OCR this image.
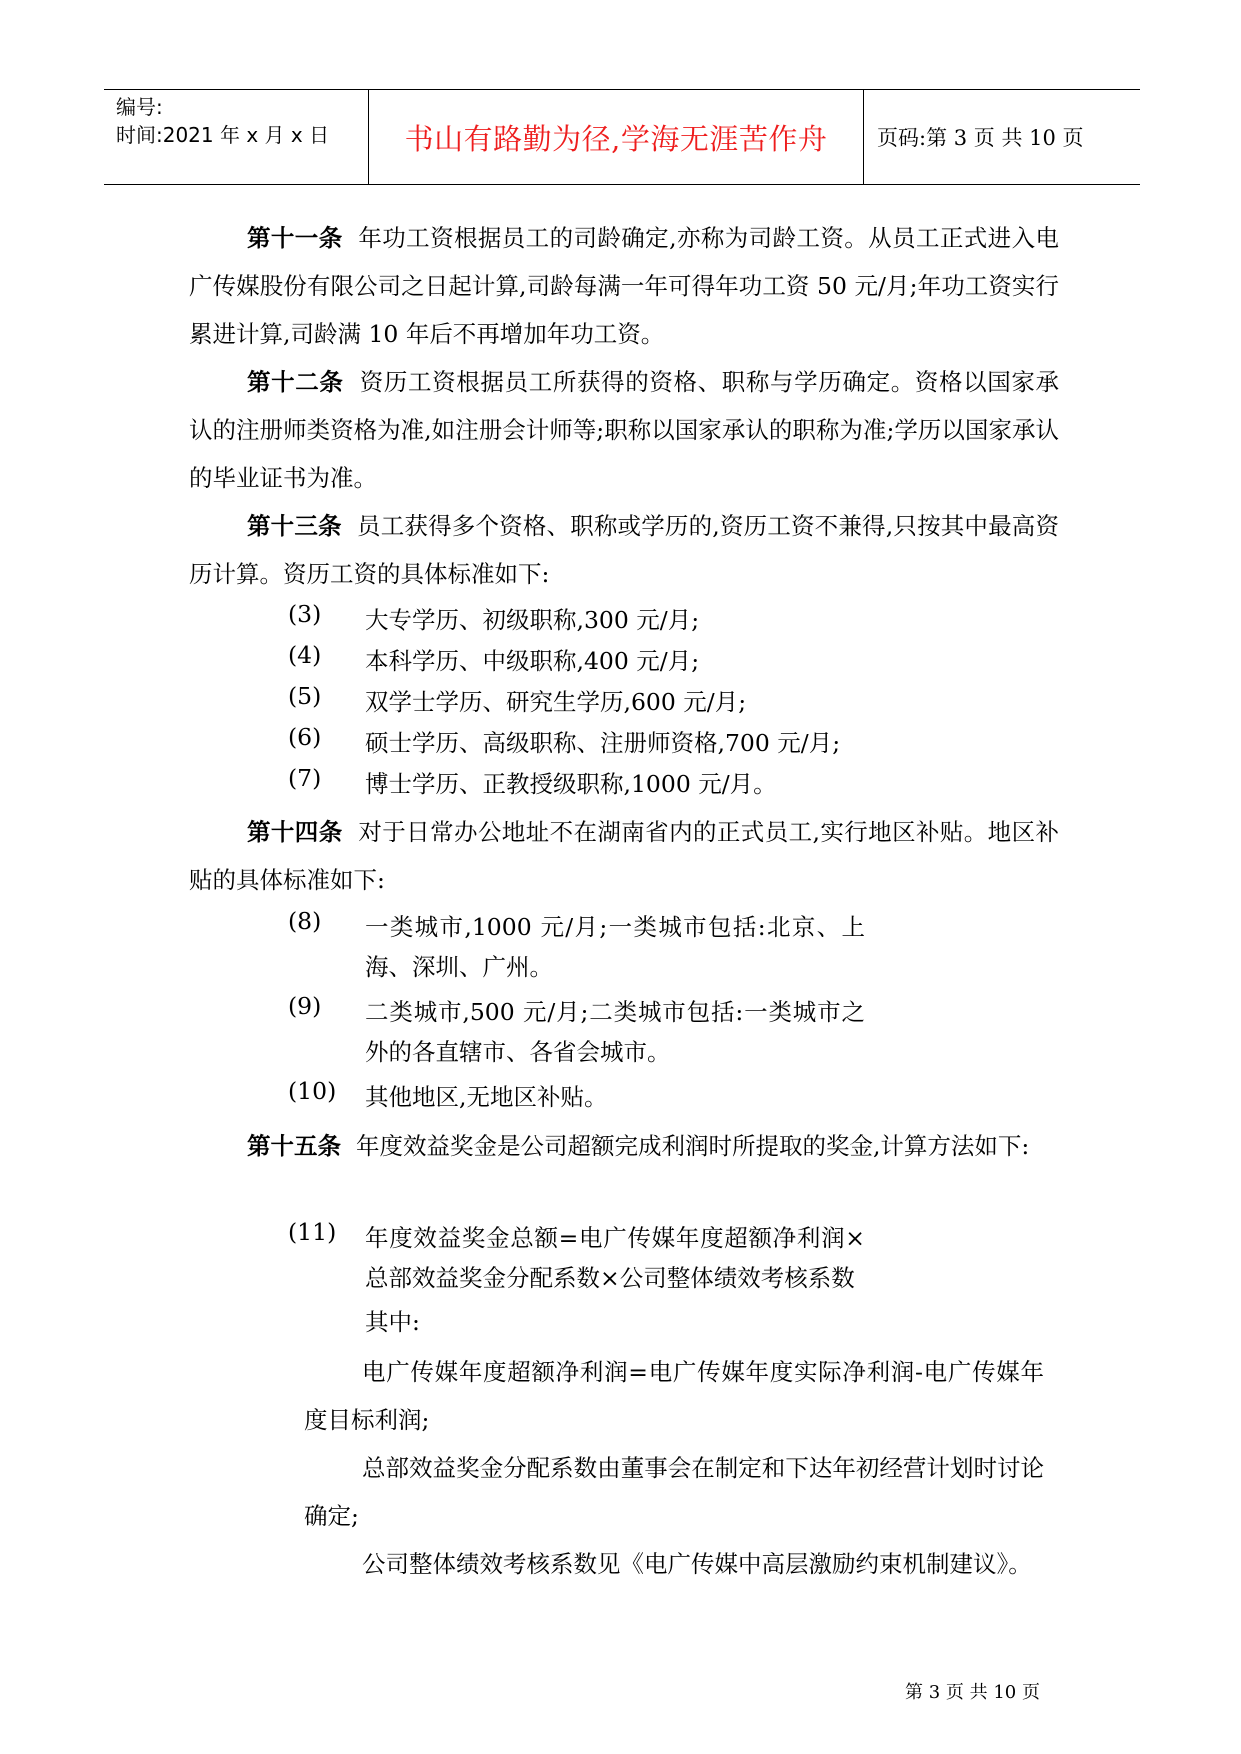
编号:
时间:2021 年 x 月 x 日	书山有路勤为径,学海无涯苦作舟	页码:第 3 页 共 10 页
第十一条 年功工资根据员工的司龄确定,亦称为司龄工资。从员工正式进入电广传媒股份有限公司之日起计算,司龄每满一年可得年功工资 50 元/月;年功工资实行累进计算,司龄满 10 年后不再增加年功工资。
第十二条 资历工资根据员工所获得的资格、职称与学历确定。资格以国家承认的注册师类资格为准,如注册会计师等;职称以国家承认的职称为准;学历以国家承认的毕业证书为准。
第十三条 员工获得多个资格、职称或学历的,资历工资不兼得,只按其中最高资历计算。资历工资的具体标准如下:
(3) 大专学历、初级职称,300 元/月;
(4) 本科学历、中级职称,400 元/月;
(5) 双学士学历、研究生学历,600 元/月;
(6) 硕士学历、高级职称、注册师资格,700 元/月;
(7) 博士学历、正教授级职称,1000 元/月。
第十四条 对于日常办公地址不在湖南省内的正式员工,实行地区补贴。地区补贴的具体标准如下:
(8) 一类城市,1000 元/月;一类城市包括:北京、上海、深圳、广州。
(9) 二类城市,500 元/月;二类城市包括:一类城市之外的各直辖市、各省会城市。
(10) 其他地区,无地区补贴。
第十五条 年度效益奖金是公司超额完成利润时所提取的奖金,计算方法如下:
(11) 年度效益奖金总额=电广传媒年度超额净利润×总部效益奖金分配系数×公司整体绩效考核系数
其中:
电广传媒年度超额净利润=电广传媒年度实际净利润-电广传媒年度目标利润;
总部效益奖金分配系数由董事会在制定和下达年初经营计划时讨论确定;
公司整体绩效考核系数见《电广传媒中高层激励约束机制建议》。
第 3 页 共 10 页
